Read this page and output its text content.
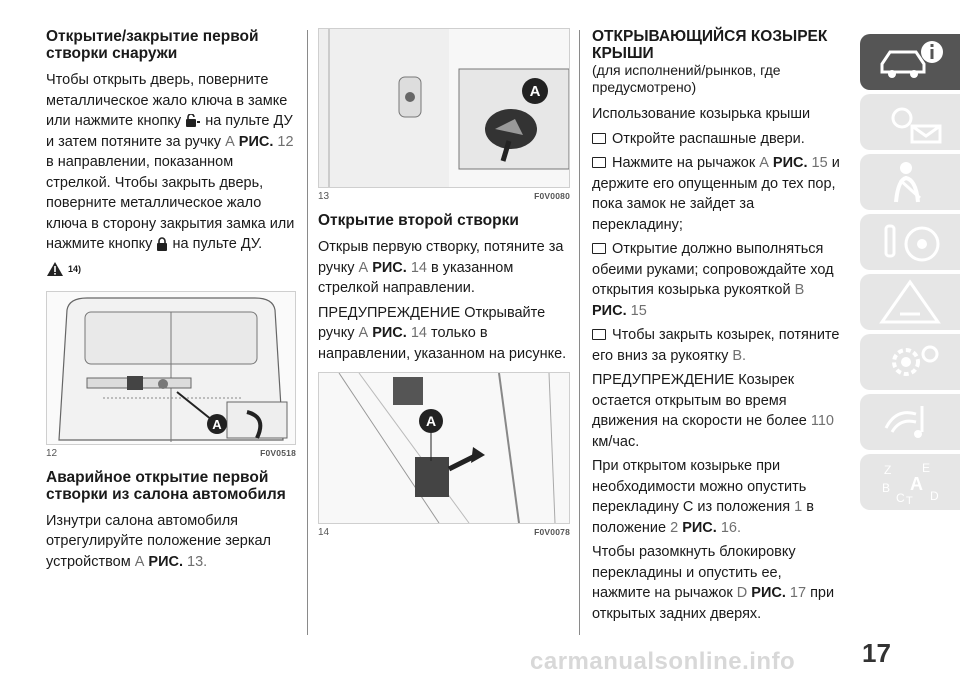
Открытие/закрытие первой створки снаружи

Чтобы открыть дверь, поверните металлическое жало ключа в замке или нажмите кнопку на пульте ДУ и затем потяните за ручку А РИС. 12 в направлении, показанном стрелкой. Чтобы закрыть дверь, поверните металлическое жало ключа в сторону закрытия замка или нажмите кнопку на пульте ДУ.

14)
A
12	F0V0518
Аварийное открытие первой створки из салона автомобиля

Изнутри салона автомобиля отрегулируйте положение зеркал устройством А РИС. 13.

A
13	F0V0080
Открытие второй створки

Открыв первую створку, потяните за ручку А РИС. 14 в указанном стрелкой направлении.

ПРЕДУПРЕЖДЕНИЕ Открывайте ручку А РИС. 14 только в направлении, указанном на рисунке.

A
14	F0V0078
ОТКРЫВАЮЩИЙСЯ КОЗЫРЕК КРЫШИ
(для исполнений/рынков, где предусмотрено)

Использование козырька крыши

Откройте распашные двери.

Нажмите на рычажок А РИС. 15 и держите его опущенным до тех пор, пока замок не зайдет за перекладину;

Открытие должно выполняться обеими руками; сопровождайте ход открытия козырька рукояткой В
РИС. 15

Чтобы закрыть козырек, потяните его вниз за рукоятку В.

ПРЕДУПРЕЖДЕНИЕ Козырек остается открытым во время движения на скорости не более 110 км/час.

При открытом козырьке при необходимости можно опустить перекладину С из положения 1 в положение 2 РИС. 16.

Чтобы разомкнуть блокировку перекладины и опустить ее, нажмите на рычажок D РИС. 17 при открытых задних дверях.

Z	E
B A
C T D
17
carmanualsonline.info
